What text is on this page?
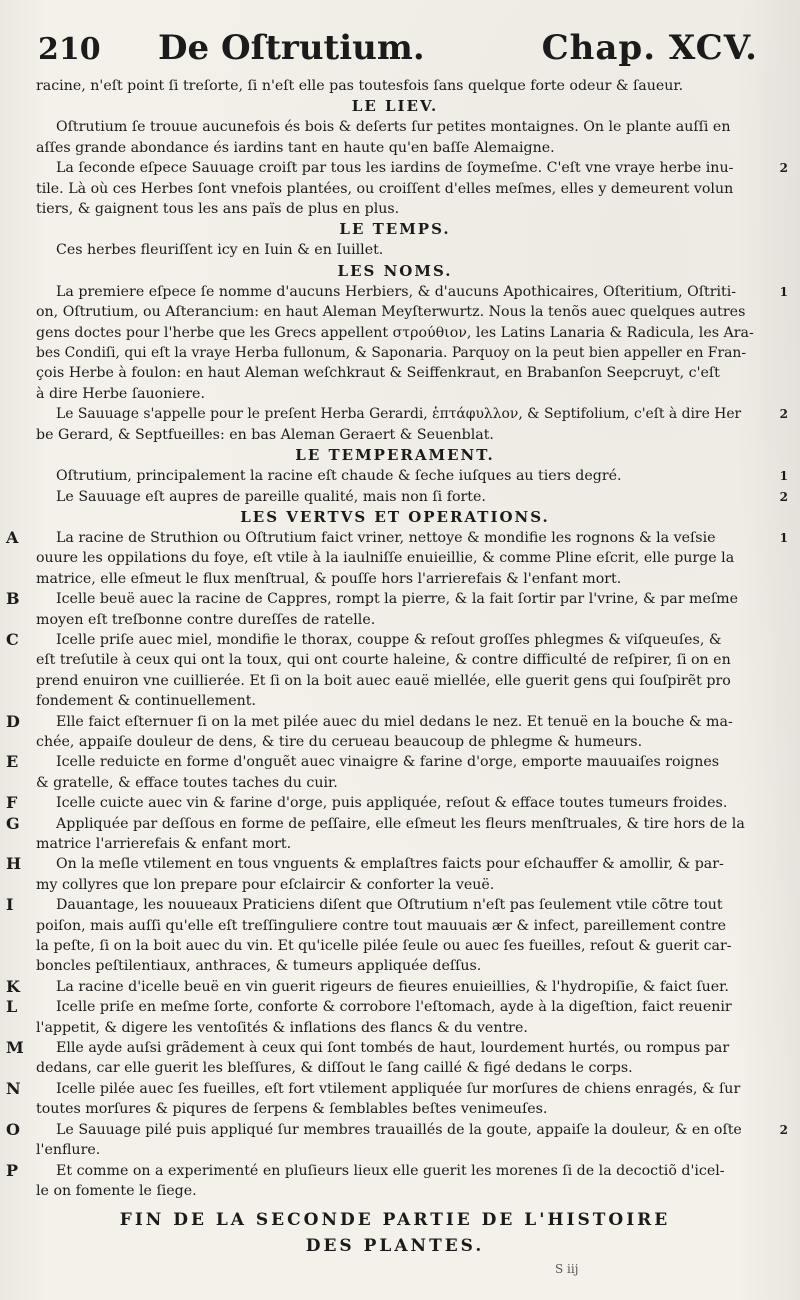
210	De Oſtrutium.	Chap. XCV.
racine, n'eſt point ſi treſorte, ſi n'eſt elle pas toutesfois ſans quelque forte odeur & ſaueur.
LE LIEV.
Oſtrutium ſe trouue aucunefois és bois & deſerts ſur petites montaignes. On le plante auſſi en
aſſes grande abondance és iardins tant en haute qu'en baſſe Alemaigne.
La ſeconde eſpece Sauuage croiſt par tous les iardins de ſoymeſme. C'eſt vne vraye herbe inu-	2
tile. Là où ces Herbes ſont vnefois plantées, ou croiſſent d'elles meſmes, elles y demeurent volun
tiers, & gaignent tous les ans païs de plus en plus.
LE TEMPS.
Ces herbes fleuriſſent icy en Iuin & en Iuillet.
LES NOMS.
La premiere eſpece ſe nomme d'aucuns Herbiers, & d'aucuns Apothicaires, Oſteritium, Oſtriti-	1
on, Oſtrutium, ou Aſterancium: en haut Aleman Meyſterwurtz. Nous la tenõs auec quelques autres
gens doctes pour l'herbe que les Grecs appellent στρούθιον, les Latins Lanaria & Radicula, les Ara-
bes Condiſi, qui eſt la vraye Herba fullonum, & Saponaria. Parquoy on la peut bien appeller en Fran-
çois Herbe à foulon: en haut Aleman weſchkraut & Seiffenkraut, en Brabanſon Seepcruyt, c'eſt
à dire Herbe ſauoniere.
Le Sauuage s'appelle pour le preſent Herba Gerardi, ἑπτάφυλλον, & Septifolium, c'eſt à dire Her	2
be Gerard, & Septfueilles: en bas Aleman Geraert & Seuenblat.
LE TEMPERAMENT.
Oſtrutium, principalement la racine eſt chaude & ſeche iuſques au tiers degré.	1
Le Sauuage eſt aupres de pareille qualité, mais non ſi forte.	2
LES VERTVS ET OPERATIONS.
A	1
La racine de Struthion ou Oſtrutium faict vriner, nettoye & mondifie les rognons & la veſsie
ouure les oppilations du foye, eſt vtile à la iaulniſſe enuieillie, & comme Pline eſcrit, elle purge la
matrice, elle eſmeut le flux menſtrual, & pouſſe hors l'arrierefais & l'enfant mort.
B	Icelle beuë auec la racine de Cappres, rompt la pierre, & la fait ſortir par l'vrine, & par meſme
moyen eſt treſbonne contre dureſſes de ratelle.
C	Icelle priſe auec miel, mondifie le thorax, couppe & reſout groſſes phlegmes & viſqueuſes, &
eſt treſutile à ceux qui ont la toux, qui ont courte haleine, & contre difficulté de reſpirer, ſi on en
prend enuiron vne cuillierée. Et ſi on la boit auec eauë miellée, elle guerit gens qui ſouſpirẽt pro
fondement & continuellement.
D	Elle faict eſternuer ſi on la met pilée auec du miel dedans le nez. Et tenuë en la bouche & ma-
chée, appaiſe douleur de dens, & tire du cerueau beaucoup de phlegme & humeurs.
E	Icelle reduicte en forme d'onguẽt auec vinaigre & farine d'orge, emporte mauuaiſes roignes
& gratelle, & efface toutes taches du cuir.
F	Icelle cuicte auec vin & farine d'orge, puis appliquée, reſout & efface toutes tumeurs froides.
G	Appliquée par deſſous en forme de peſſaire, elle eſmeut les fleurs menſtruales, & tire hors de la
matrice l'arrierefais & enfant mort.
H	On la meſle vtilement en tous vnguents & emplaſtres faicts pour eſchauffer & amollir, & par-
my collyres que lon prepare pour eſclaircir & conforter la veuë.
I	Dauantage, les nouueaux Praticiens diſent que Oſtrutium n'eſt pas ſeulement vtile cõtre tout
poiſon, mais auſſi qu'elle eſt treſſinguliere contre tout mauuais ær & infect, pareillement contre
la peſte, ſi on la boit auec du vin. Et qu'icelle pilée ſeule ou auec ſes fueilles, reſout & guerit car-
boncles peſtilentiaux, anthraces, & tumeurs appliquée deſſus.
K	La racine d'icelle beuë en vin guerit rigeurs de fieures enuieillies, & l'hydropiſie, & faict ſuer.
L	Icelle priſe en meſme ſorte, conforte & corrobore l'eſtomach, ayde à la digeſtion, faict reuenir
l'appetit, & digere les ventoſités & inflations des flancs & du ventre.
M	Elle ayde auſsi grãdement à ceux qui ſont tombés de haut, lourdement hurtés, ou rompus par
dedans, car elle guerit les bleſſures, & diſſout le ſang caillé & figé dedans le corps.
N	Icelle pilée auec ſes fueilles, eſt fort vtilement appliquée ſur morſures de chiens enragés, & ſur
toutes morſures & piqures de ſerpens & ſemblables beſtes venimeuſes.
O	2
Le Sauuage pilé puis appliqué ſur membres trauaillés de la goute, appaiſe la douleur, & en oſte
l'enflure.
P	Et comme on a experimenté en pluſieurs lieux elle guerit les morenes ſi de la decoctiõ d'icel-
le on fomente le ſiege.
FIN DE LA SECONDE PARTIE DE L'HISTOIRE
DES PLANTES.
S iij
